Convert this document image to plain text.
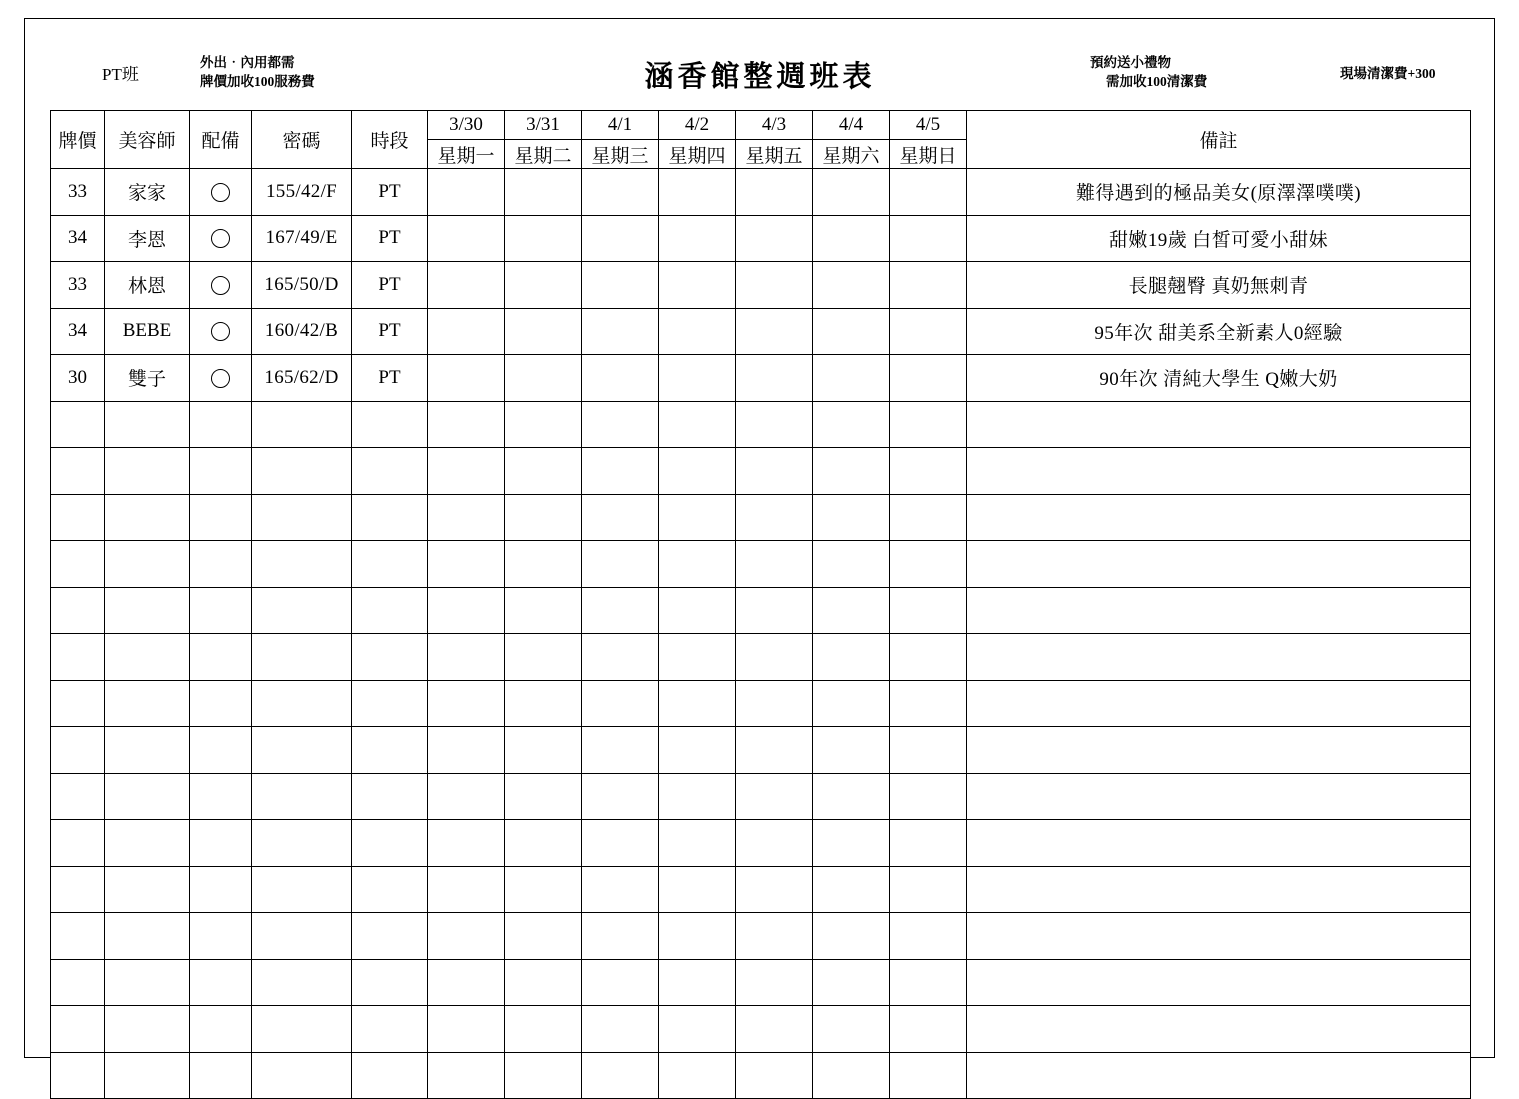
PT班
外出‧內用都需
牌價加收100服務費	涵香館整週班表	預約送小禮物
需加收100清潔費
現場清潔費+300
牌價	美容師	配備	密碼	時段	3/30	3/31	4/1	4/2	4/3	4/4	4/5	備註
					星期一	星期二	星期三	星期四	星期五	星期六	星期日	
33	家家		155/42/F	PT								難得遇到的極品美女(原澤澤噗噗)
34	李恩		167/49/E	PT								甜嫩19歲 白皙可愛小甜妹
33	林恩		165/50/D	PT								長腿翹臀 真奶無刺青
34	BEBE		160/42/B	PT								95年次 甜美系全新素人0經驗
30	雙子		165/62/D	PT								90年次 清純大學生 Q嫩大奶
